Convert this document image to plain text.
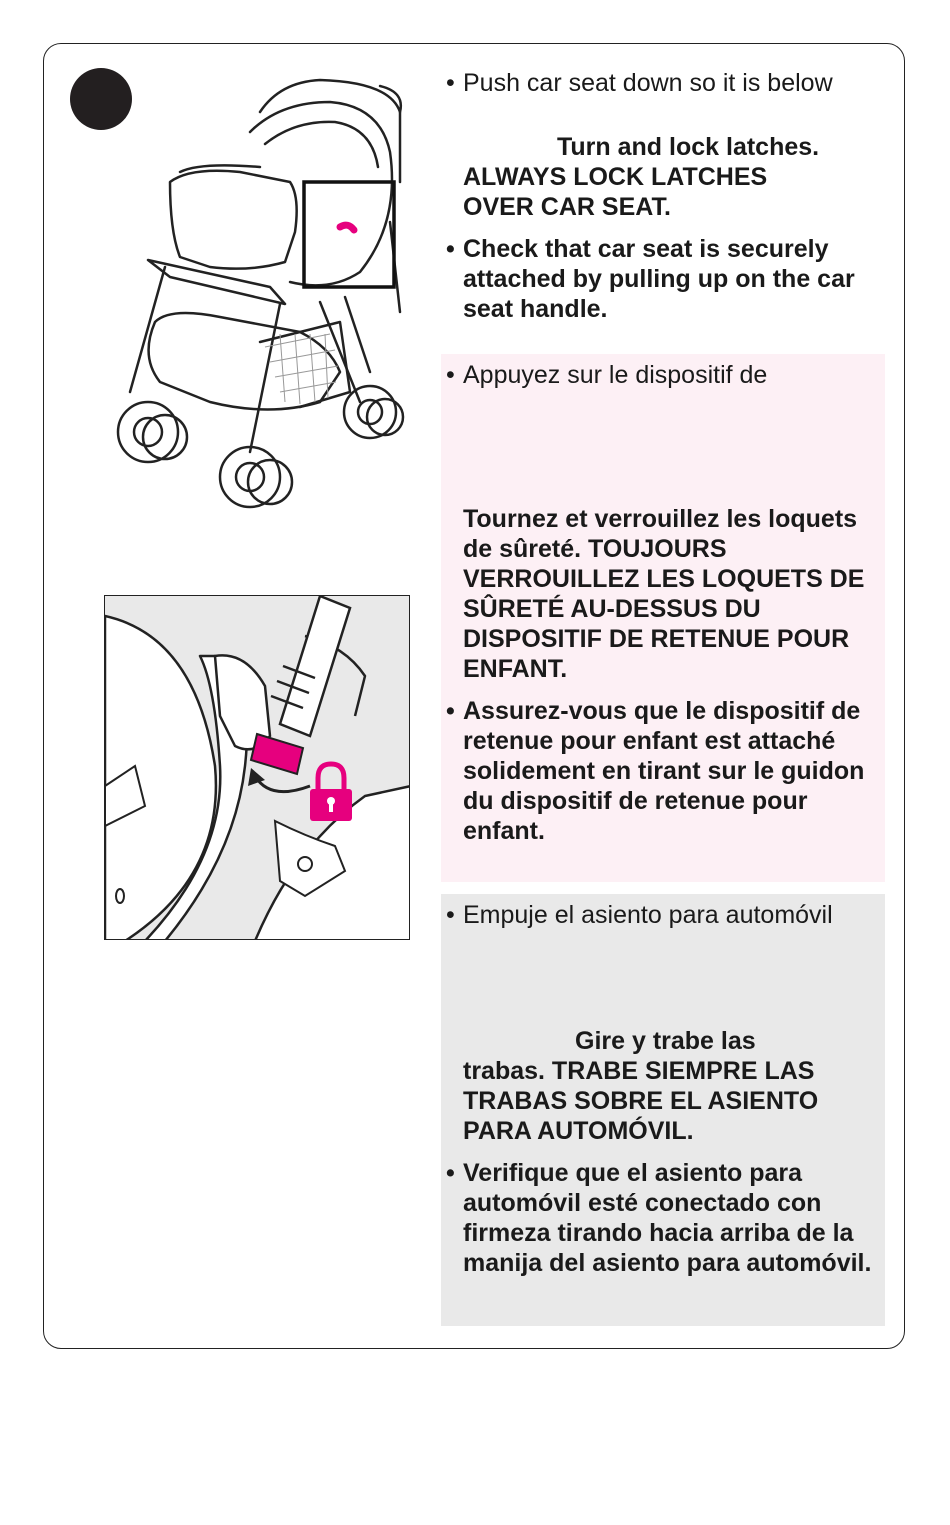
• Push car seat down so it is below

Turn and lock latches.
ALWAYS LOCK LATCHES
OVER CAR SEAT.

• Check that car seat is securely attached by pulling up on the car seat handle.

• Appuyez sur le dispositif de

Tournez et verrouillez les loquets de sûreté. TOUJOURS VERROUILLEZ LES LOQUETS DE SÛRETÉ AU-DESSUS DU DISPOSITIF DE RETENUE POUR ENFANT.

• Assurez-vous que le dispositif de retenue pour enfant est attaché solidement en tirant sur le guidon du dispositif de retenue pour enfant.

• Empuje el asiento para automóvil

Gire y trabe las
trabas. TRABE SIEMPRE LAS TRABAS SOBRE EL ASIENTO PARA AUTOMÓVIL.

• Verifique que el asiento para automóvil esté conectado con firmeza tirando hacia arriba de la manija del asiento para automóvil.
